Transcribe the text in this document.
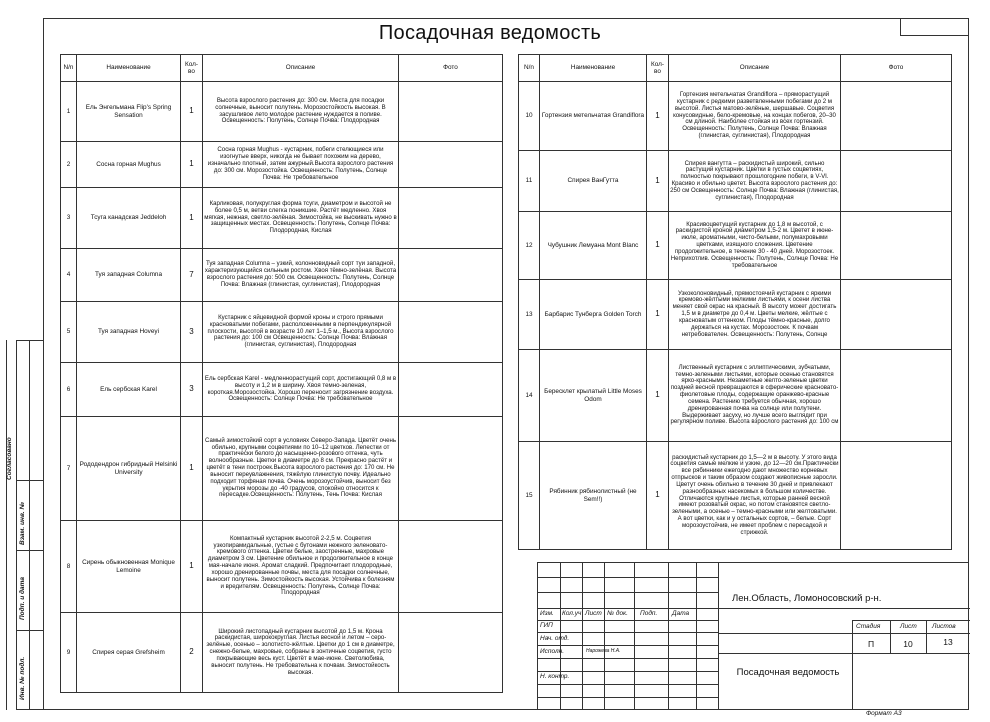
Посадочная ведомость
N/n	Наименование	Кол-во	Описание	Фото
1	Ель Энгельмана Flip's Spring Sensation	1	Высота взрослого растения до: 300 см. Места для посадки солнечные, выносит полутень. Морозостойкость высокая. В засушливое лето молодое растение нуждается в поливе. Освещенность: Полутень, Солнце Почва: Плодородная	

2	Сосна горная Mughus	1	Сосна горная Mughus - кустарник, побеги стелющиеся или изогнутые вверх, никогда не бывает похожим на дерево, изначально плотный, затем ажурный.Высота взрослого растения до: 300 см. Морозостойка. Освещенность: Полутень, Солнце Почва: Не требовательное	

3	Тсуга канадская Jeddeloh	1	Карликовая, полукруглая форма тсуги, диаметром и высотой не более 0,5 м, ветви слегка поникшие. Растёт медленно. Хвоя мягкая, нежная, светло-зелёная. Зимостойка, не выскивать нужно в защищенных местах. Освещенность: Полутень, Солнце Почва: Плодородная, Кислая	

4	Туя западная Columna	7	Туя западная Columna – узкий, колонновидный сорт туи западной, характеризующийся сильным ростом. Хвоя тёмно-зелёная. Высота взрослого растения до: 500 см. Освещенность: Полутень, Солнце Почва: Влажная (глинистая, суглинистая), Плодородная	

5	Туя западная Hoveyi	3	Кустарник с яйцевидной формой кроны и строго прямыми красноватыми побегами, расположенными в перпендикулярной плоскости, высотой в возрасте 10 лет 1–1,5 м., Высота взрослого растения до: 100 см Освещенность: Солнце Почва: Влажная (глинистая, суглинистая), Плодородная	

6	Ель сербская Karel	3	Ель сербская Karel - медленнорастущий сорт, достигающий 0,8 м в высоту и 1,2 м в ширину. Хвоя темно-зеленая, короткая.Морозостойка. Хорошо переносит загрязнение воздуха. Освещенность: Солнце Почва: Не требовательное	

7	Рододендрон гибридный Helsinki University	1	Самый зимостойкий сорт в условиях Северо-Запада. Цветёт очень обильно, крупными соцветиями по 10–12 цветков. Лепестки от практически белого до насыщенно-розового оттенка, чуть волнообразные. Цветки в диаметре до 8 см. Прекрасно растёт и цветёт в тени построек.Высота взрослого растения до: 170 см. Не выносит переувлажнения, тяжёлую глинистую почву. Идеально подходит торфяная почва. Очень морозоустойчив, выносит без укрытия морозы до -40 градусов, спокойно относится к пересадке.Освещенность: Полутень, Тень Почва: Кислая	

8	Сирень обыкновенная Monique Lemoine	1	Компактный кустарник высотой 2-2,5 м. Соцветия узкопирамидальные, густые с бутонами нежного зеленовато-кремового оттенка. Цветки белые, заостренные, махровые диаметром 3 см. Цветение обильное и продолжительное в конце мая-начале июня. Аромат сладкий. Предпочитает плодородные, хорошо дренированные почвы, места для посадки солнечные, выносит полутень. Зимостойкость высокая. Устойчива к болезням и вредителям. Освещенность: Полутень, Солнце Почва: Плодородная	

9	Спирея серая Grefsheim	2	Широкий листопадный кустарник высотой до 1,5 м. Крона раскидистая, ширококруглая. Листья весной и летом – серо-зелёные, осенью – золотисто-жёлтые. Цветки до 1 см в диаметре, снежно-белые, махровые, собраны в зонтичные соцветия, густо покрывающие весь куст. Цветёт в мае-июне. Светолюбива, выносит полутень. Не требовательна к почвам. Зимостойкость высокая.	
N/n	Наименование	Кол-во	Описание	Фото
10	Гортензия метельчатая Grandiflora	1	Гортензия метельчатая Grandiflora – пряморастущий кустарник с редкими разветвленными побегами до 2 м высотой. Листья матово-зелёные, шершавые. Соцветия конусовидные, бело-кремовые, на концах побегов, 20–30 см длиной. Наиболее стойкая из всех гортензий. Освещенность: Полутень, Солнце Почва: Влажная (глинистая, суглинистая), Плодородная	

11	Спирея ВанГутта	1	Спирея вангутта – раскидистый широкий, сильно растущий кустарник. Цветки в густых соцветиях, полностью покрывают прошлогодние побеги, в V-VI. Красиво и обильно цветет. Высота взрослого растения до: 250 см Освещенность: Солнце Почва: Влажная (глинистая, суглинистая), Плодородная	

12	Чубушник Лемуана Mont Blanc	1	Красивоцветущий кустарник до 1,8 м высотой, с раскидистой кроной диаметром 1,5-2 м. Цветет в июне-июле, ароматными, чисто-белыми, полумахровыми цветками, изящного сложения. Цветение продолжительное, в течение 30 - 40 дней. Морозостоек. Неприхотлив. Освещенность: Полутень, Солнце Почва: Не требовательное	

13	Барбарис Тунберга Golden Torch	1	Узкоколоновидный, прямостоячий кустарник с яркими кремово-жёлтыми мелкими листьями, к осени листва меняет свой окрас на красный. В высоту может достигать 1,5 м в диаметре до 0,4 м. Цветы мелкие, жёлтые с красноватым оттенком. Плоды тёмно-красные, долго держаться на кустах. Морозостоек. К почвам нетребователен. Освещенность: Полутень, Солнце	

14	Бересклет крылатый Little Moses Odom	1	Лиственный кустарник с эллиптическими, зубчатыми, темно-зелеными листьями, которые осенью становятся ярко-красными. Незаметные желто-зеленые цветки поздней весной превращаются в сферические красновато-фиолетовые плоды, содержащие оранжево-красные семена. Растению требуется обычная, хорошо дренированная почва на солнце или полутени. Выдерживает засуху, но лучше всего выглядит при регулярном поливе. Высота взрослого растения до: 100 см	

15	Рябинник рябинолистный (не Sem!!)	1	раскидистый кустарник до 1,5—2 м в высоту. У этого вида соцветия самые мелкие и узкие, до 12—20 см.Практически все рябинники ежегодно дают множество корневых отпрысков и таким образом создают живописные заросли. Цветут очень обильно в течение 30 дней и привлекают разнообразных насекомых в большом количестве. Отличаются крупные листья, которые ранней весной имеют розоватый окрас, но потом становятся светло-зелеными, а осенью – темно-красными или желтоватыми. А вот цветки, как и у остальных сортов, – белые. Сорт морозоустойчив, не имеет проблем с пересадкой и стрижкой.	
Согласовано
Взам. инв. №
Подп. и дата
Инв. № подл.
Изм. Кол.уч Лист № док. Подп. Дата
ГИП
Нач. отд.
Исполн.	Нарожева Н.А.
Н. контр.
Лен.Область, Ломоносовский р-н.
Посадочная ведомость
Стадия	Лист Листов
П	10	13
Формат А3
